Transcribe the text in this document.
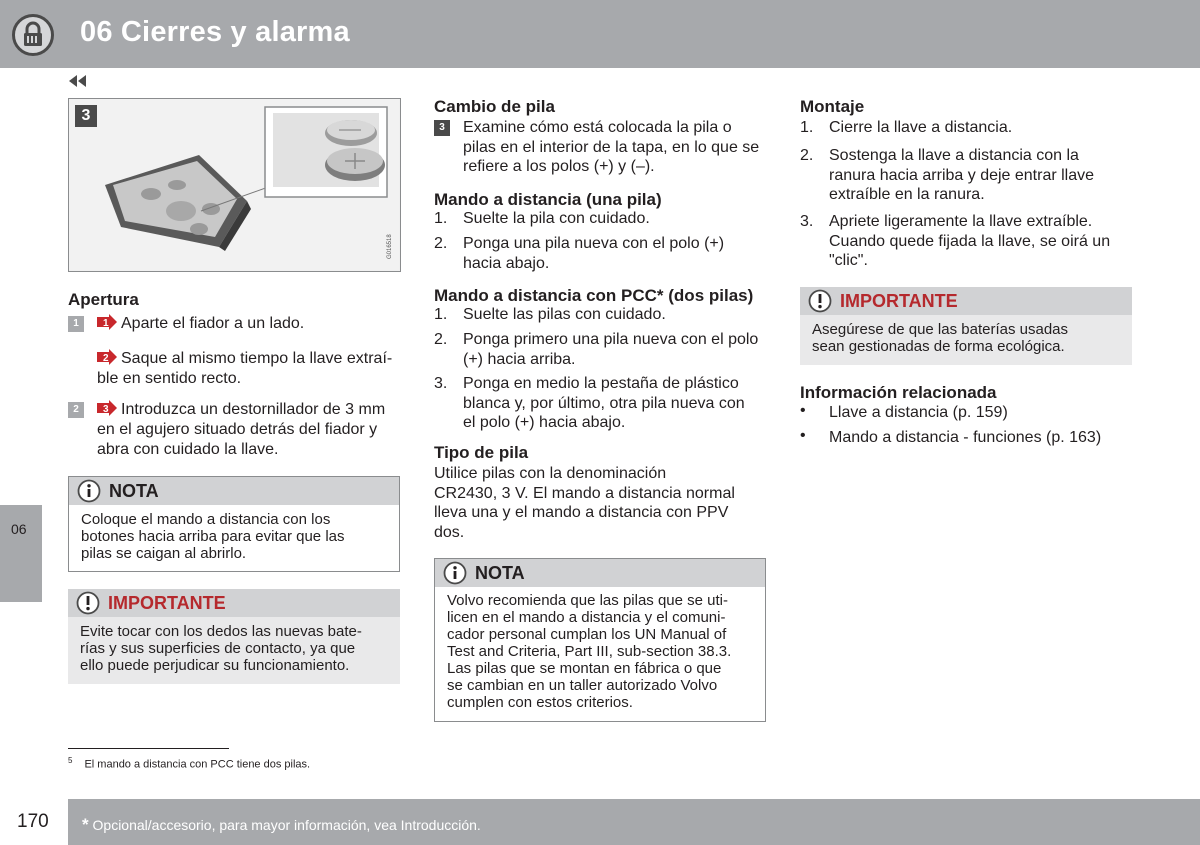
06 Cierres y alarma
06
3
G016518
Apertura
1	1 Aparte el fiador a un lado.
2 Saque al mismo tiempo la llave extraí-
ble en sentido recto.
2	3 Introduzca un destornillador de 3 mm
en el agujero situado detrás del fiador y
abra con cuidado la llave.
NOTA
Coloque el mando a distancia con los
botones hacia arriba para evitar que las
pilas se caigan al abrirlo.
IMPORTANTE
Evite tocar con los dedos las nuevas bate-
rías y sus superficies de contacto, ya que
ello puede perjudicar su funcionamiento.
Cambio de pila
3	Examine cómo está colocada la pila o
pilas en el interior de la tapa, en lo que se
refiere a los polos (+) y (–).
Mando a distancia (una pila)
1. Suelte la pila con cuidado.
2. Ponga una pila nueva con el polo (+)
hacia abajo.
Mando a distancia con PCC* (dos pilas)
1. Suelte las pilas con cuidado.
2. Ponga primero una pila nueva con el polo
(+) hacia arriba.
3. Ponga en medio la pestaña de plástico
blanca y, por último, otra pila nueva con
el polo (+) hacia abajo.
Tipo de pila
Utilice pilas con la denominación
CR2430, 3 V. El mando a distancia normal
lleva una y el mando a distancia con PPV
dos.
NOTA
Volvo recomienda que las pilas que se uti-
licen en el mando a distancia y el comuni-
cador personal cumplan los UN Manual of
Test and Criteria, Part III, sub-section 38.3.
Las pilas que se montan en fábrica o que
se cambian en un taller autorizado Volvo
cumplen con estos criterios.
Montaje
1. Cierre la llave a distancia.
2. Sostenga la llave a distancia con la
ranura hacia arriba y deje entrar llave
extraíble en la ranura.
3. Apriete ligeramente la llave extraíble.
Cuando quede fijada la llave, se oirá un
"clic".
IMPORTANTE
Asegúrese de que las baterías usadas
sean gestionadas de forma ecológica.
Información relacionada
• Llave a distancia (p. 159)
• Mando a distancia - funciones (p. 163)
$^5$ El mando a distancia con PCC tiene dos pilas.
170 * Opcional/accesorio, para mayor información, vea Introducción.
